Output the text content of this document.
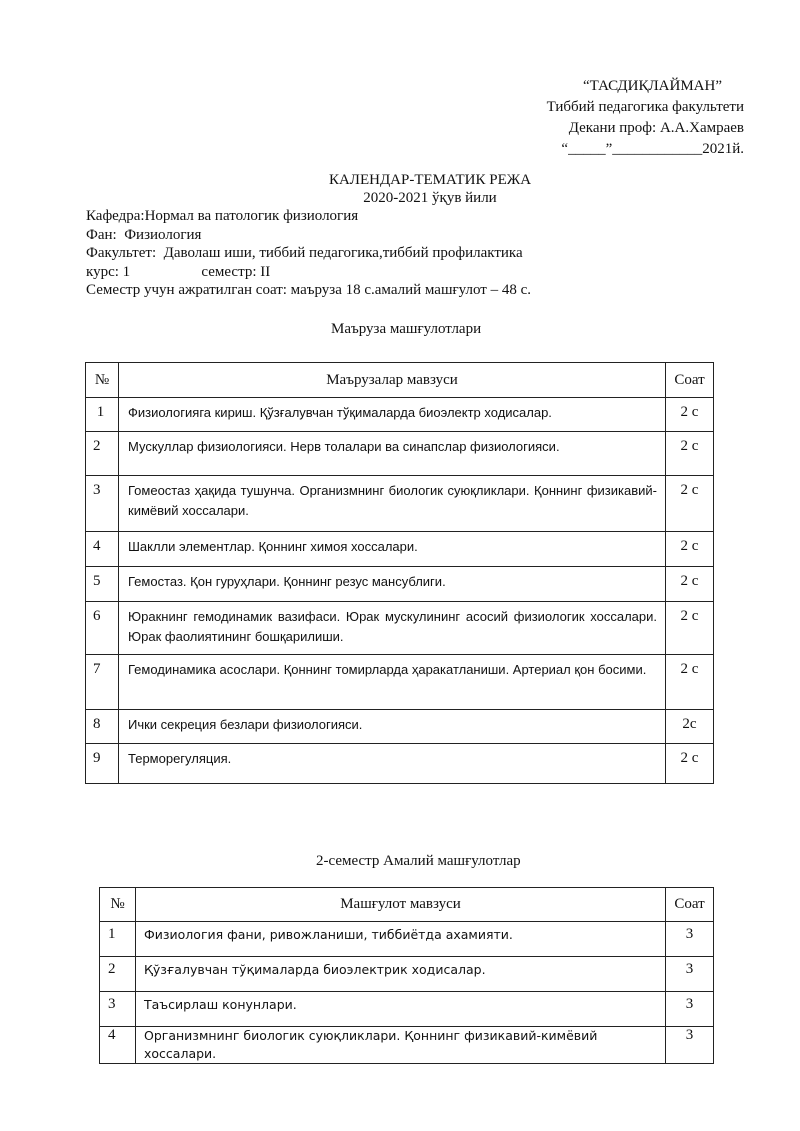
“ТАСДИҚЛАЙМАН”
Тиббий педагогика факультети
Декани проф: А.А.Хамраев
“_____”____________2021й.
КАЛЕНДАР-ТЕМАТИК РЕЖА
2020-2021 ўқув йили
Кафедра:Нормал ва патологик физиология
Фан:  Физиология
Факультет:  Даволаш иши, тиббий педагогика,тиббий профилактика
курс: 1                   семестр: II
Семестр учун ажратилган соат: маъруза 18 с.амалий машғулот – 48 с.
Маъруза машғулотлари
№	Маърузалар мавзуси	Соат
1	Физиологияга кириш. Қўзғалувчан тўқималарда биоэлектр ходисалар.	2 с
2	Мускуллар физиологияси. Нерв толалари ва синапслар физиологияси.	2 с
3	Гомеостаз ҳақида тушунча. Организмнинг биологик суюқликлари. Қоннинг физикавий-кимёвий хоссалари.	2 с
4	Шаклли элементлар. Қоннинг химоя хоссалари.	2 с
5	Гемостаз. Қон гуруҳлари. Қоннинг резус мансублиги.	2 с
6	Юракнинг гемодинамик вазифаси. Юрак мускулининг асосий физиологик хоссалари. Юрак фаолиятининг бошқарилиши.	2 с
7	Гемодинамика асослари. Қоннинг томирларда ҳаракатланиши. Артериал қон босими.	2 с
8	Ички секреция безлари физиологияси.	2с
9	Терморегуляция.	2 с
2-семестр Амалий машғулотлар
№	Машғулот мавзуси	Соат
1	Физиология фани, ривожланиши, тиббиётда ахамияти.	3
2	Қўзғалувчан тўқималарда биоэлектрик ходисалар.	3
3	Таъсирлаш конунлари.	3
4	Организмнинг биологик суюқликлари. Қоннинг физикавий-кимёвий хоссалари.	3
